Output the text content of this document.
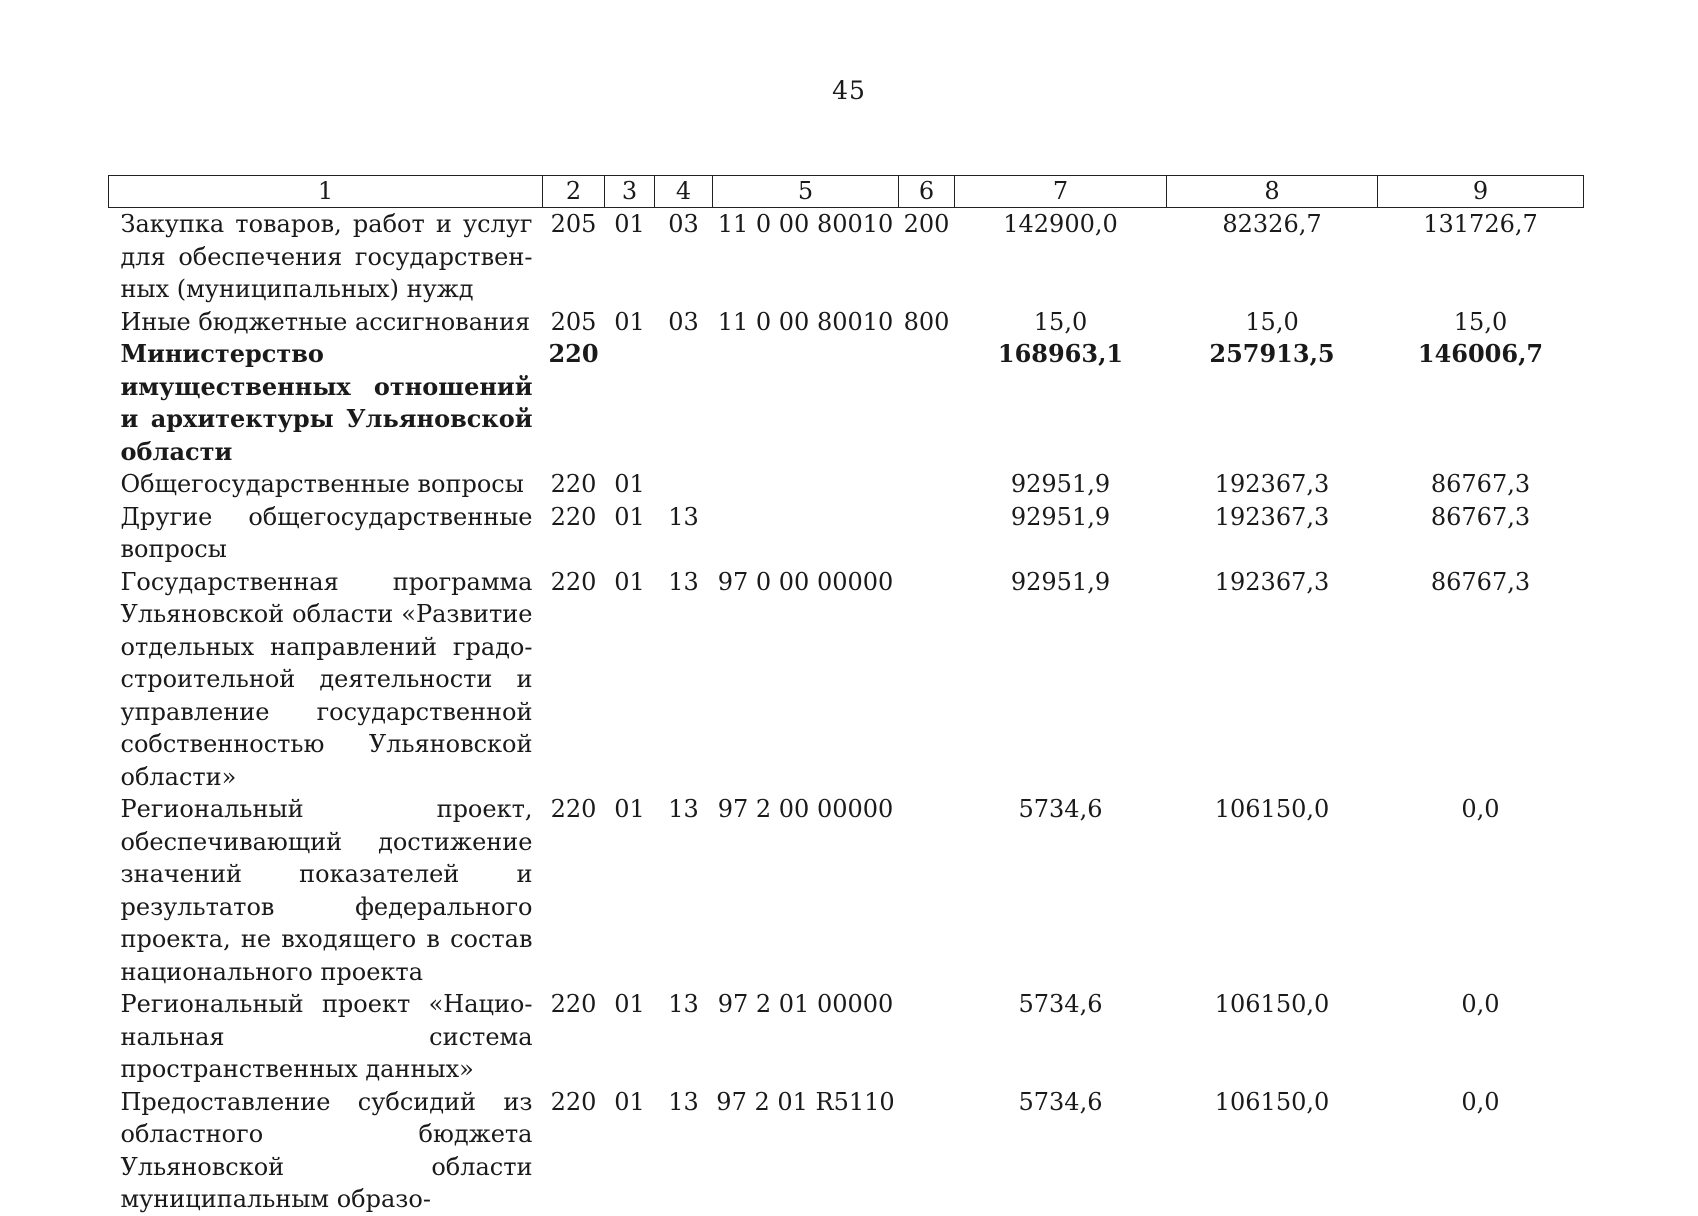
45
1	2	3	4	5	6	7	8	9
Закупка товаров, работ и услуг для обеспечения государственных (муниципальных) нужд	205	01	03	11 0 00 80010	200	142900,0	82326,7	131726,7
Иные бюджетные ассигнования	205	01	03	11 0 00 80010	800	15,0	15,0	15,0
Министерство имущественных отношений и архитектуры Ульяновской области	220					168963,1	257913,5	146006,7
Общегосударственные вопросы	220	01				92951,9	192367,3	86767,3
Другие общегосударственные вопросы	220	01	13			92951,9	192367,3	86767,3
Государственная программа Ульяновской области «Развитие отдельных направлений градостроительной деятельности и управление государственной собственностью Ульяновской области»	220	01	13	97 0 00 00000		92951,9	192367,3	86767,3
Региональный проект, обеспечивающий достижение значений показателей и результатов федерального проекта, не входящего в состав национального проекта	220	01	13	97 2 00 00000		5734,6	106150,0	0,0
Региональный проект «Национальная система пространственных данных»	220	01	13	97 2 01 00000		5734,6	106150,0	0,0
Предоставление субсидий из областного бюджета Ульяновской области муниципальным образо-	220	01	13	97 2 01 R5110		5734,6	106150,0	0,0
